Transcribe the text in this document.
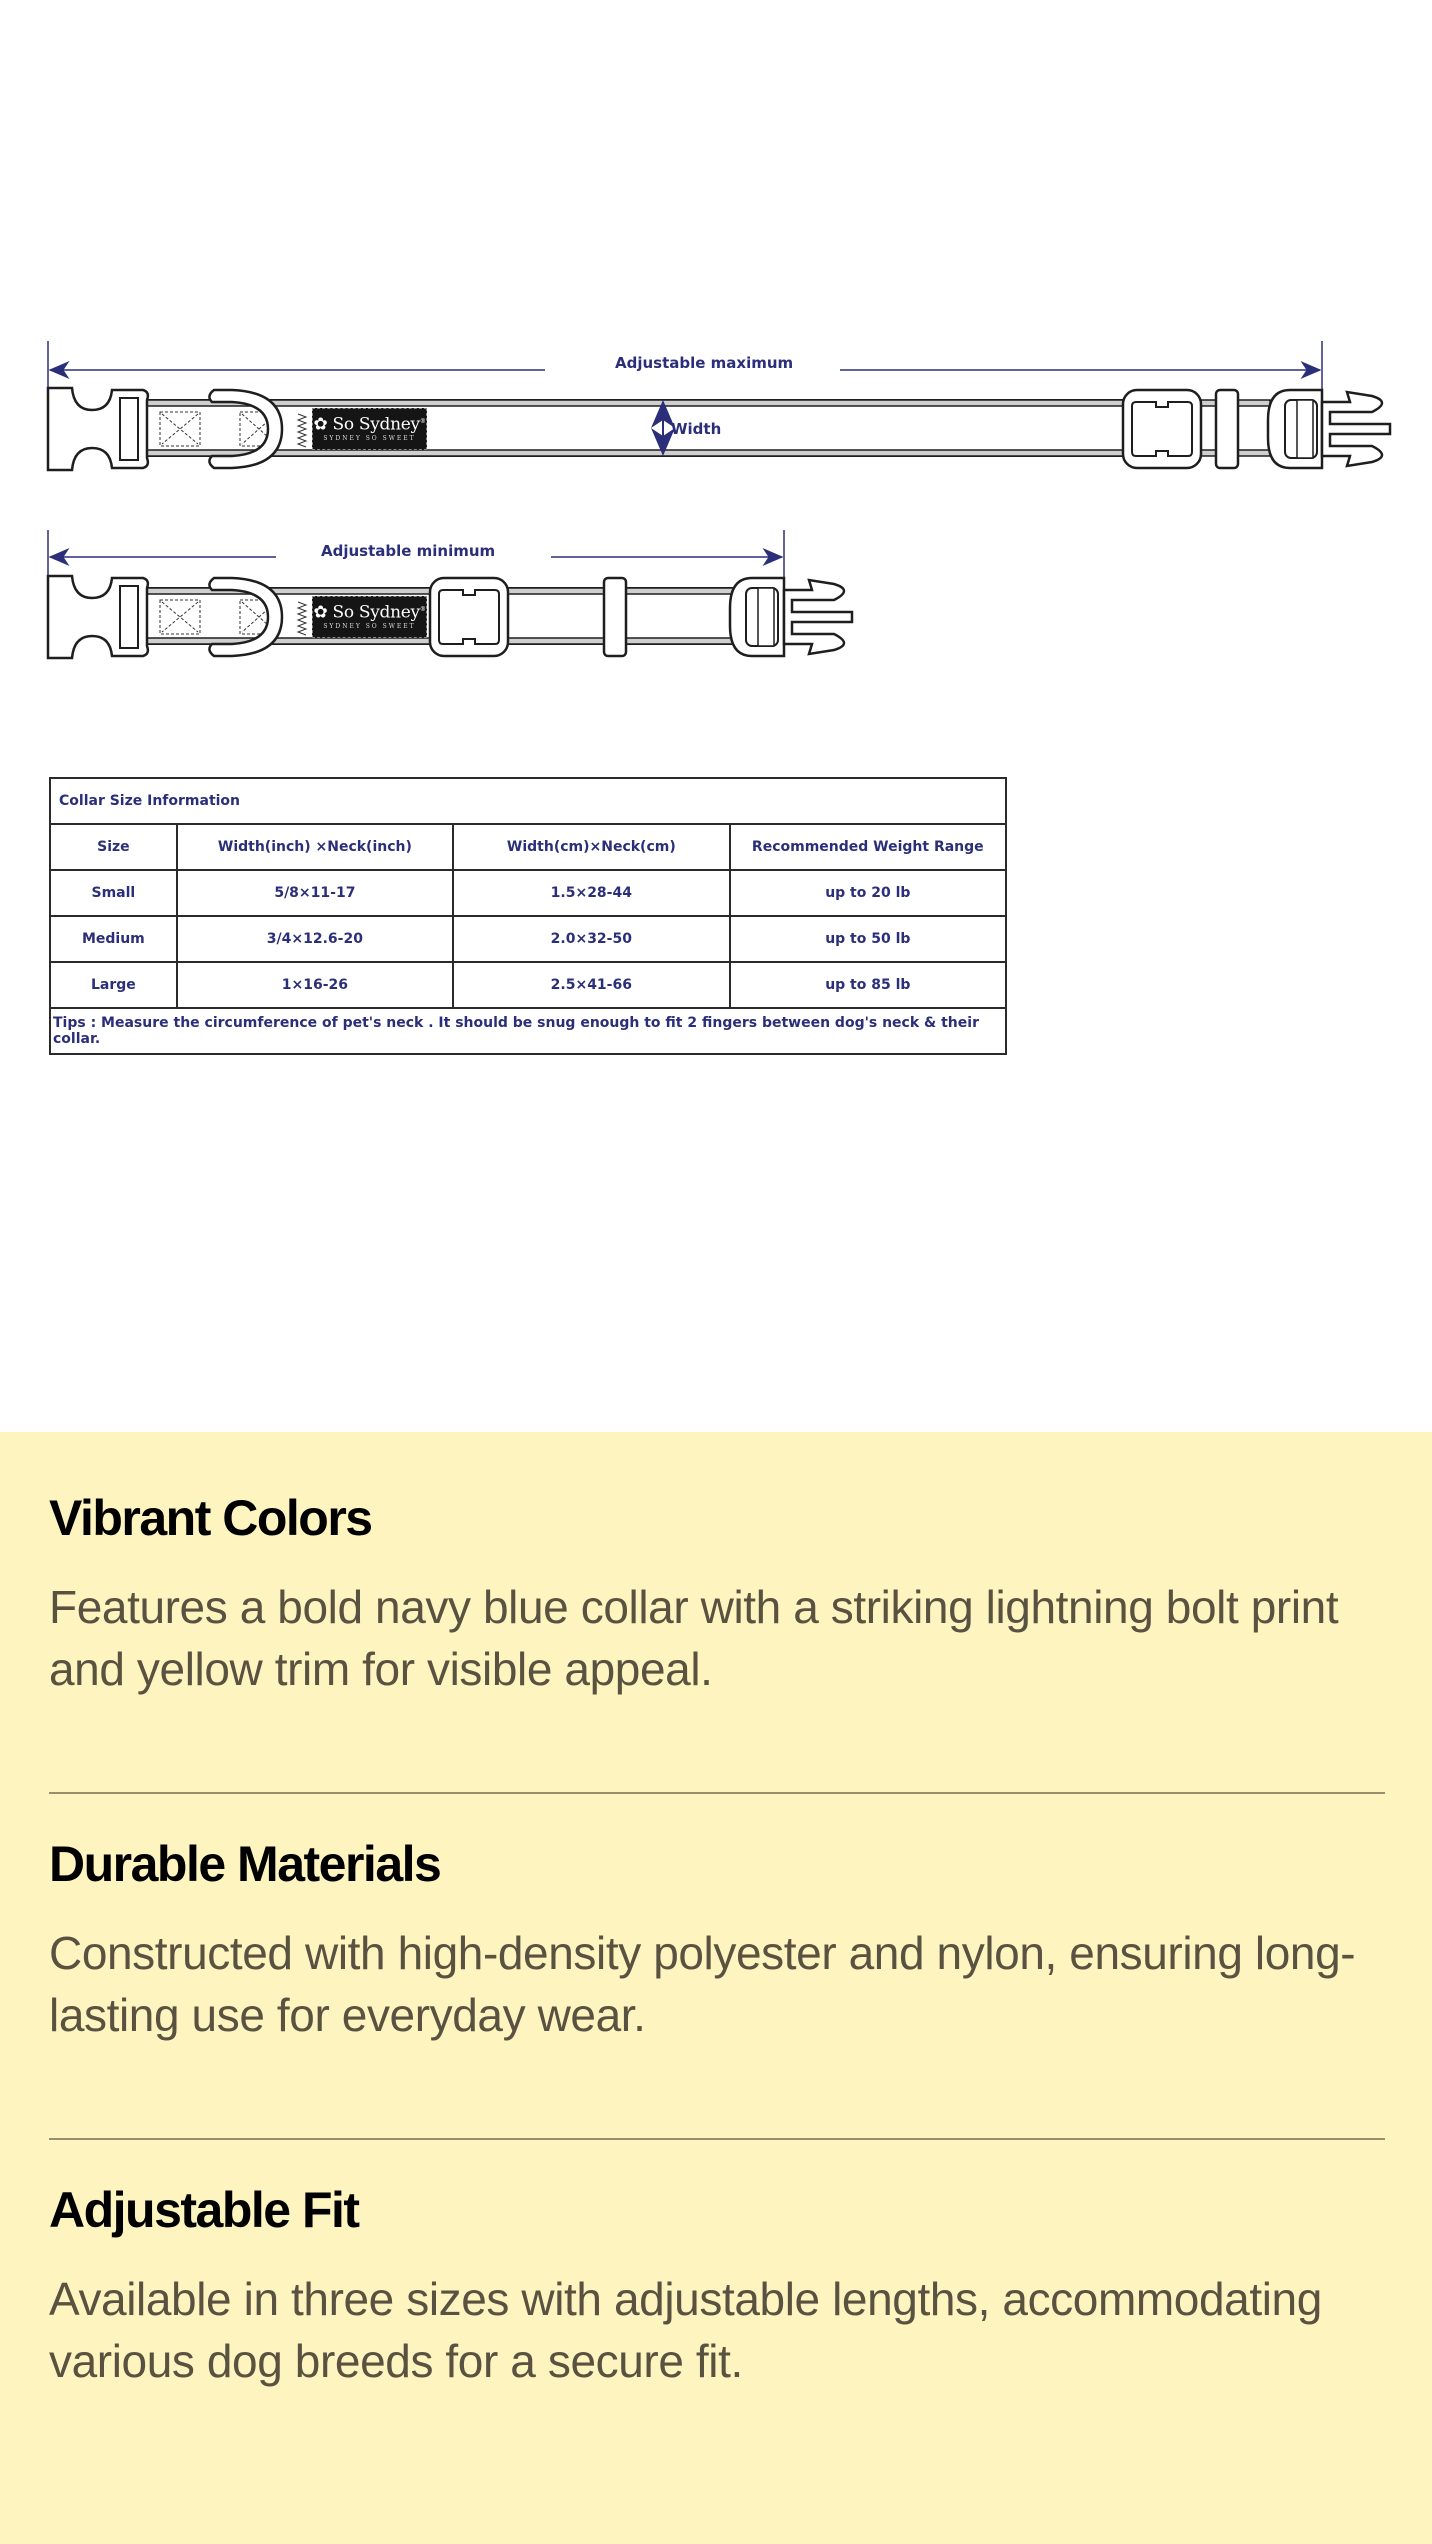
Adjustable maximum
Width
Adjustable minimum
✿ So Sydney®
SYDNEY SO SWEET
✿ So Sydney®
SYDNEY SO SWEET
Collar Size Information			
Size	Width(inch) ×Neck(inch)	Width(cm)×Neck(cm)	Recommended Weight Range
Small	5/8×11-17	1.5×28-44	up to 20 lb
Medium	3/4×12.6-20	2.0×32-50	up to 50 lb
Large	1×16-26	2.5×41-66	up to 85 lb
Tips : Measure the circumference of pet's neck . It should be snug enough to fit 2 fingers between dog's neck & their collar.			
Vibrant Colors

Features a bold navy blue collar with a striking lightning bolt print and yellow trim for visible appeal.

Durable Materials

Constructed with high-density polyester and nylon, ensuring long-lasting use for everyday wear.

Adjustable Fit

Available in three sizes with adjustable lengths, accommodating various dog breeds for a secure fit.
